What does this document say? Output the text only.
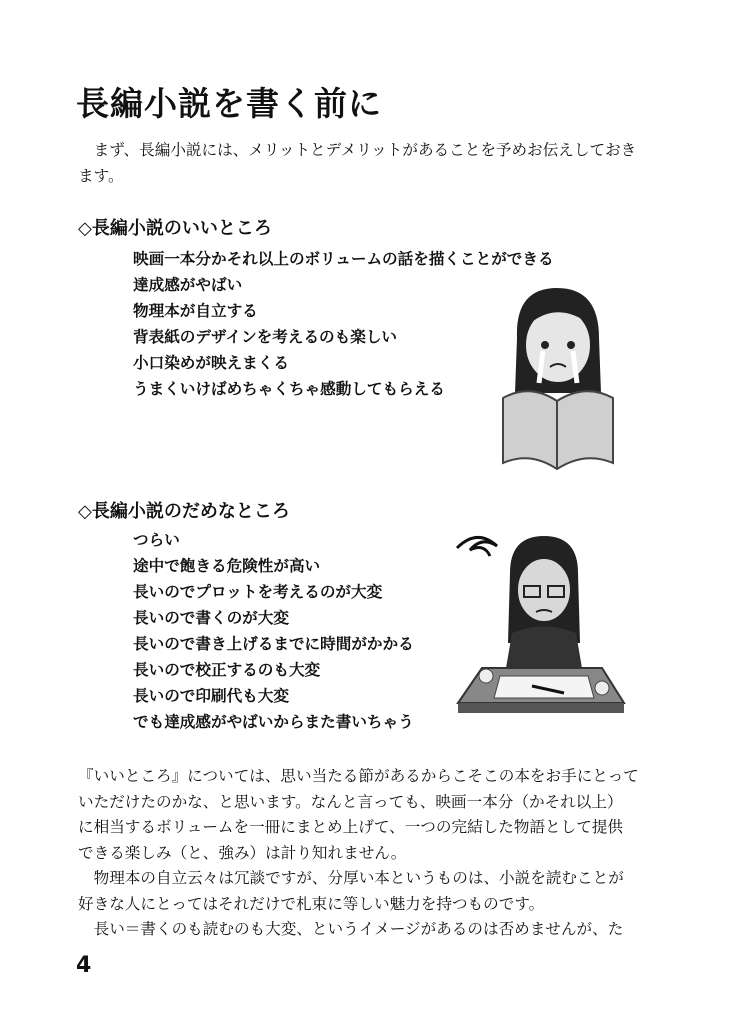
長編小説を書く前に
　まず、長編小説には、メリットとデメリットがあることを予めお伝えしておき
ます。
◇長編小説のいいところ
映画一本分かそれ以上のボリュームの話を描くことができる
達成感がやばい
物理本が自立する
背表紙のデザインを考えるのも楽しい
小口染めが映えまくる
うまくいけばめちゃくちゃ感動してもらえる
◇長編小説のだめなところ
つらい
途中で飽きる危険性が高い
長いのでプロットを考えるのが大変
長いので書くのが大変
長いので書き上げるまでに時間がかかる
長いので校正するのも大変
長いので印刷代も大変
でも達成感がやばいからまた書いちゃう
『いいところ』については、思い当たる節があるからこそこの本をお手にとって
いただけたのかな、と思います。なんと言っても、映画一本分（かそれ以上）
に相当するボリュームを一冊にまとめ上げて、一つの完結した物語として提供
できる楽しみ（と、強み）は計り知れません。
　物理本の自立云々は冗談ですが、分厚い本というものは、小説を読むことが
好きな人にとってはそれだけで札束に等しい魅力を持つものです。
　長い＝書くのも読むのも大変、というイメージがあるのは否めませんが、た
4
